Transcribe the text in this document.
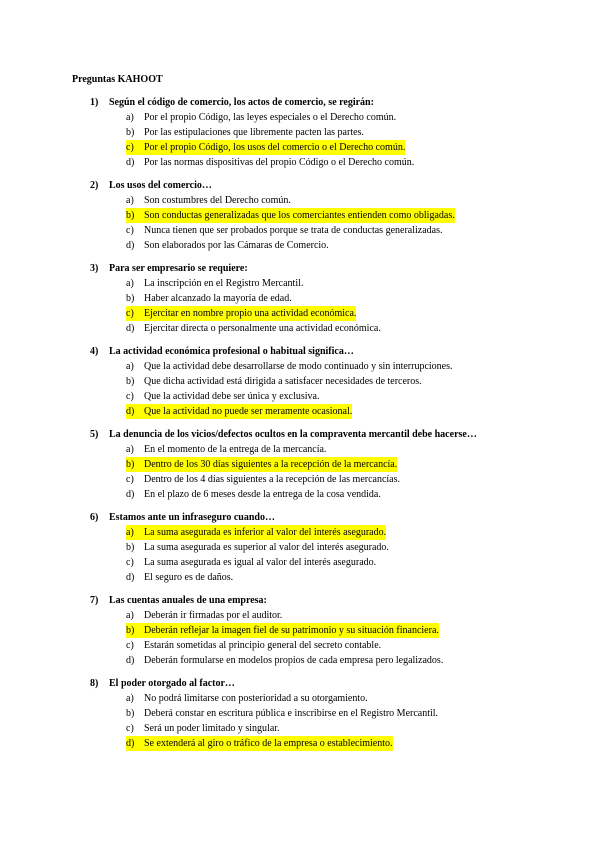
Preguntas KAHOOT
1) Según el código de comercio, los actos de comercio, se regirán:
a) Por el propio Código, las leyes especiales o el Derecho común.
b) Por las estipulaciones que libremente pacten las partes.
c)	Por el propio Código, los usos del comercio o el Derecho común.
d) Por las normas dispositivas del propio Código o el Derecho común.
2) Los usos del comercio…
a) Son costumbres del Derecho común.
b) Son conductas generalizadas que los comerciantes entienden como obligadas.
c) Nunca tienen que ser probados porque se trata de conductas generalizadas.
d) Son elaborados por las Cámaras de Comercio.
3) Para ser empresario se requiere:
a) La inscripción en el Registro Mercantil.
b) Haber alcanzado la mayoría de edad.
c)	Ejercitar en nombre propio una actividad económica.
d) Ejercitar directa o personalmente una actividad económica.
4) La actividad económica profesional o habitual significa…
a) Que la actividad debe desarrollarse de modo continuado y sin interrupciones.
b) Que dicha actividad está dirigida a satisfacer necesidades de terceros.
c) Que la actividad debe ser única y exclusiva.
d) Que la actividad no puede ser meramente ocasional.
5) La denuncia de los vicios/defectos ocultos en la compraventa mercantil debe hacerse…
a) En el momento de la entrega de la mercancía.
b) Dentro de los 30 días siguientes a la recepción de la mercancía.
c) Dentro de los 4 días siguientes a la recepción de las mercancías.
d) En el plazo de 6 meses desde la entrega de la cosa vendida.
6) Estamos ante un infraseguro cuando…
a)	La suma asegurada es inferior al valor del interés asegurado.
b) La suma asegurada es superior al valor del interés asegurado.
c) La suma asegurada es igual al valor del interés asegurado.
d) El seguro es de daños.
7) Las cuentas anuales de una empresa:
a) Deberán ir firmadas por el auditor.
b) Deberán reflejar la imagen fiel de su patrimonio y su situación financiera.
c) Estarán sometidas al principio general del secreto contable.
d) Deberán formularse en modelos propios de cada empresa pero legalizados.
8) El poder otorgado al factor…
a) No podrá limitarse con posterioridad a su otorgamiento.
b) Deberá constar en escritura pública e inscribirse en el Registro Mercantil.
c) Será un poder limitado y singular.
d) Se extenderá al giro o tráfico de la empresa o establecimiento.
